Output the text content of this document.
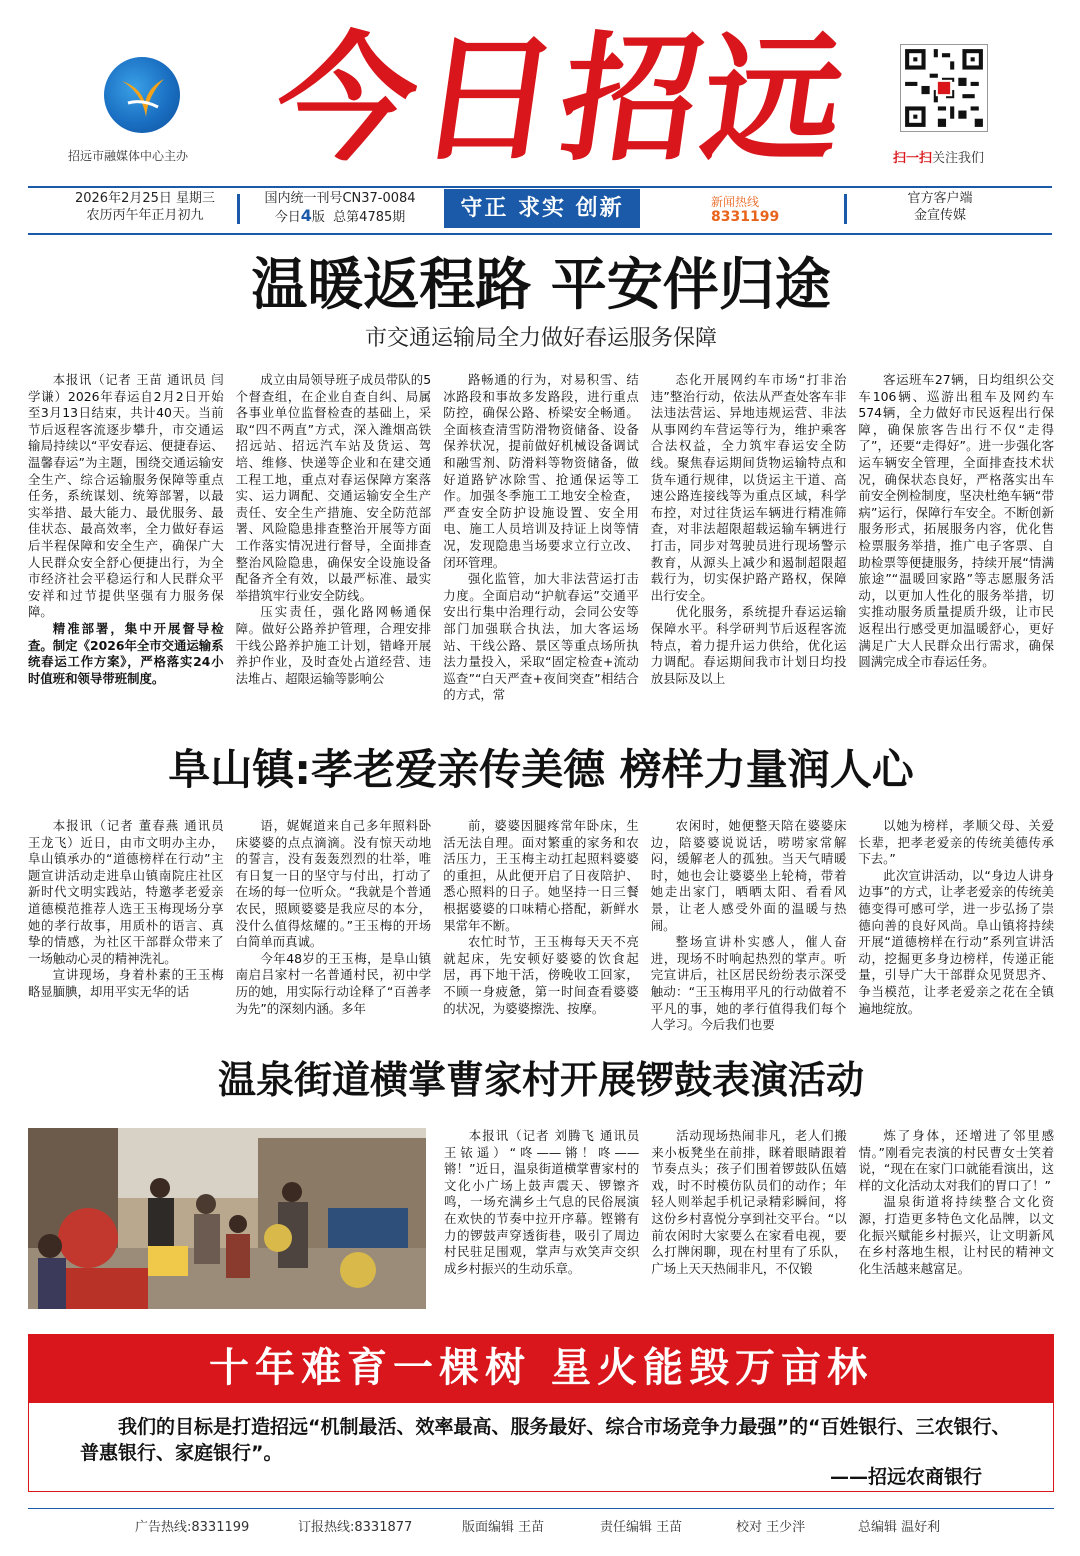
招远市融媒体中心主办 今日招远	扫一扫关注我们
2026年2月25日 星期三
农历丙午年正月初九
国内统一刊号CN37-0084
今日4版 总第4785期	守正 求实 创新	新闻热线
8331199
官方客户端
金宣传媒
温暖返程路 平安伴归途
市交通运输局全力做好春运服务保障

本报讯（记者 王苗 通讯员 闫学谦）2026年春运自2月2日开始至3月13日结束，共计40天。当前节后返程客流逐步攀升，市交通运输局持续以“平安春运、便捷春运、温馨春运”为主题，围绕交通运输安全生产、综合运输服务保障等重点任务，系统谋划、统筹部署，以最实举措、最大能力、最优服务、最佳状态、最高效率，全力做好春运后半程保障和安全生产，确保广大人民群众安全舒心便捷出行，为全市经济社会平稳运行和人民群众平安祥和过节提供坚强有力服务保障。

精准部署，集中开展督导检查。制定《2026年全市交通运输系统春运工作方案》，严格落实24小时值班和领导带班制度。

成立由局领导班子成员带队的5个督查组，在企业自查自纠、局属各事业单位监督检查的基础上，采取“四不两直”方式，深入潍烟高铁招远站、招远汽车站及货运、驾培、维修、快递等企业和在建交通工程工地，重点对春运保障方案落实、运力调配、交通运输安全生产责任、安全生产措施、安全防范部署、风险隐患排查整治开展等方面工作落实情况进行督导，全面排查整治风险隐患，确保安全设施设备配备齐全有效，以最严标准、最实举措筑牢行业安全防线。

压实责任，强化路网畅通保障。做好公路养护管理，合理安排干线公路养护施工计划，错峰开展养护作业，及时查处占道经营、违法堆占、超限运输等影响公

路畅通的行为，对易积雪、结冰路段和事故多发路段，进行重点防控，确保公路、桥梁安全畅通。全面核查清雪防滑物资储备、设备保养状况，提前做好机械设备调试和融雪剂、防滑料等物资储备，做好道路铲冰除雪、抢通保运等工作。加强冬季施工工地安全检查，严查安全防护设施设置、安全用电、施工人员培训及持证上岗等情况，发现隐患当场要求立行立改、闭环管理。

强化监管，加大非法营运打击力度。全面启动“护航春运”交通平安出行集中治理行动，会同公安等部门加强联合执法，加大客运场站、干线公路、景区等重点场所执法力量投入，采取“固定检查+流动巡查”“白天严查+夜间突查”相结合的方式，常

态化开展网约车市场“打非治违”整治行动，依法从严查处客车非法违法营运、异地违规运营、非法从事网约车营运等行为，维护乘客合法权益，全力筑牢春运安全防线。聚焦春运期间货物运输特点和货车通行规律，以货运主干道、高速公路连接线等为重点区域，科学布控，对过往货运车辆进行精准筛查，对非法超限超载运输车辆进行打击，同步对驾驶员进行现场警示教育，从源头上减少和遏制超限超载行为，切实保护路产路权，保障出行安全。

优化服务，系统提升春运运输保障水平。科学研判节后返程客流特点，着力提升运力供给，优化运力调配。春运期间我市计划日均投放县际及以上

客运班车27辆，日均组织公交车106辆、巡游出租车及网约车574辆，全力做好市民返程出行保障，确保旅客告出行不仅“走得了”，还要“走得好”。进一步强化客运车辆安全管理，全面排查技术状况，确保状态良好，严格落实出车前安全例检制度，坚决杜绝车辆“带病”运行，保障行车安全。不断创新服务形式，拓展服务内容，优化售检票服务举措，推广电子客票、自助检票等便捷服务，持续开展“情满旅途”“温暖回家路”等志愿服务活动，以更加人性化的服务举措，切实推动服务质量提质升级，让市民返程出行感受更加温暖舒心，更好满足广大人民群众出行需求，确保圆满完成全市春运任务。

阜山镇:孝老爱亲传美德 榜样力量润人心

本报讯（记者 董春燕 通讯员 王龙飞）近日，由市文明办主办，阜山镇承办的“道德榜样在行动”主题宣讲活动走进阜山镇南院庄社区新时代文明实践站，特邀孝老爱亲道德模范推荐人选王玉梅现场分享她的孝行故事，用质朴的语言、真挚的情感，为社区干部群众带来了一场触动心灵的精神洗礼。

宣讲现场，身着朴素的王玉梅略显腼腆，却用平实无华的话

语，娓娓道来自己多年照料卧床婆婆的点点滴滴。没有惊天动地的誓言，没有轰轰烈烈的壮举，唯有日复一日的坚守与付出，打动了在场的每一位听众。“我就是个普通农民，照顾婆婆是我应尽的本分，没什么值得炫耀的。”王玉梅的开场白简单而真诚。

今年48岁的王玉梅，是阜山镇南启吕家村一名普通村民，初中学历的她，用实际行动诠释了“百善孝为先”的深刻内涵。多年

前，婆婆因腿疼常年卧床，生活无法自理。面对繁重的家务和农活压力，王玉梅主动扛起照料婆婆的重担，从此便开启了日夜陪护、悉心照料的日子。她坚持一日三餐根据婆婆的口味精心搭配，新鲜水果常年不断。

农忙时节，王玉梅每天天不亮就起床，先安顿好婆婆的饮食起居，再下地干活，傍晚收工回家，不顾一身疲惫，第一时间查看婆婆的状况，为婆婆擦洗、按摩。

农闲时，她便整天陪在婆婆床边，陪婆婆说说话，唠唠家常解闷，缓解老人的孤独。当天气晴暖时，她也会让婆婆坐上轮椅，带着她走出家门，晒晒太阳、看看风景，让老人感受外面的温暖与热闹。

整场宣讲朴实感人，催人奋进，现场不时响起热烈的掌声。听完宣讲后，社区居民纷纷表示深受触动：“王玉梅用平凡的行动做着不平凡的事，她的孝行值得我们每个人学习。今后我们也要

以她为榜样，孝顺父母、关爱长辈，把孝老爱亲的传统美德传承下去。”

此次宣讲活动，以“身边人讲身边事”的方式，让孝老爱亲的传统美德变得可感可学，进一步弘扬了崇德向善的良好风尚。阜山镇将持续开展“道德榜样在行动”系列宣讲活动，挖掘更多身边榜样，传递正能量，引导广大干部群众见贤思齐、争当模范，让孝老爱亲之花在全镇遍地绽放。

温泉街道横掌曹家村开展锣鼓表演活动

本报讯（记者 刘腾飞 通讯员 王铱遥）“咚——锵！咚——锵！”近日，温泉街道横掌曹家村的文化小广场上鼓声震天、锣镲齐鸣，一场充满乡土气息的民俗展演在欢快的节奏中拉开序幕。铿锵有力的锣鼓声穿透街巷，吸引了周边村民驻足围观，掌声与欢笑声交织成乡村振兴的生动乐章。

活动现场热闹非凡，老人们搬来小板凳坐在前排，眯着眼睛跟着节奏点头；孩子们围着锣鼓队伍嬉戏，时不时模仿队员们的动作；年轻人则举起手机记录精彩瞬间，将这份乡村喜悦分享到社交平台。“以前农闲时大家要么在家看电视，要么打牌闲聊，现在村里有了乐队，广场上天天热闹非凡，不仅锻

炼了身体，还增进了邻里感情。”刚看完表演的村民曹女士笑着说，“现在在家门口就能看演出，这样的文化活动太对我们的胃口了！”

温泉街道将持续整合文化资源，打造更多特色文化品牌，以文化振兴赋能乡村振兴，让文明新风在乡村落地生根，让村民的精神文化生活越来越富足。

十年难育一棵树 星火能毁万亩林
我们的目标是打造招远“机制最活、效率最高、服务最好、综合市场竞争力最强”的“百姓银行、三农银行、普惠银行、家庭银行”。
——招远农商银行
广告热线:8331199	订报热线:8331877	版面编辑 王苗	责任编辑 王苗	校对 王少泮	总编辑 温好利
